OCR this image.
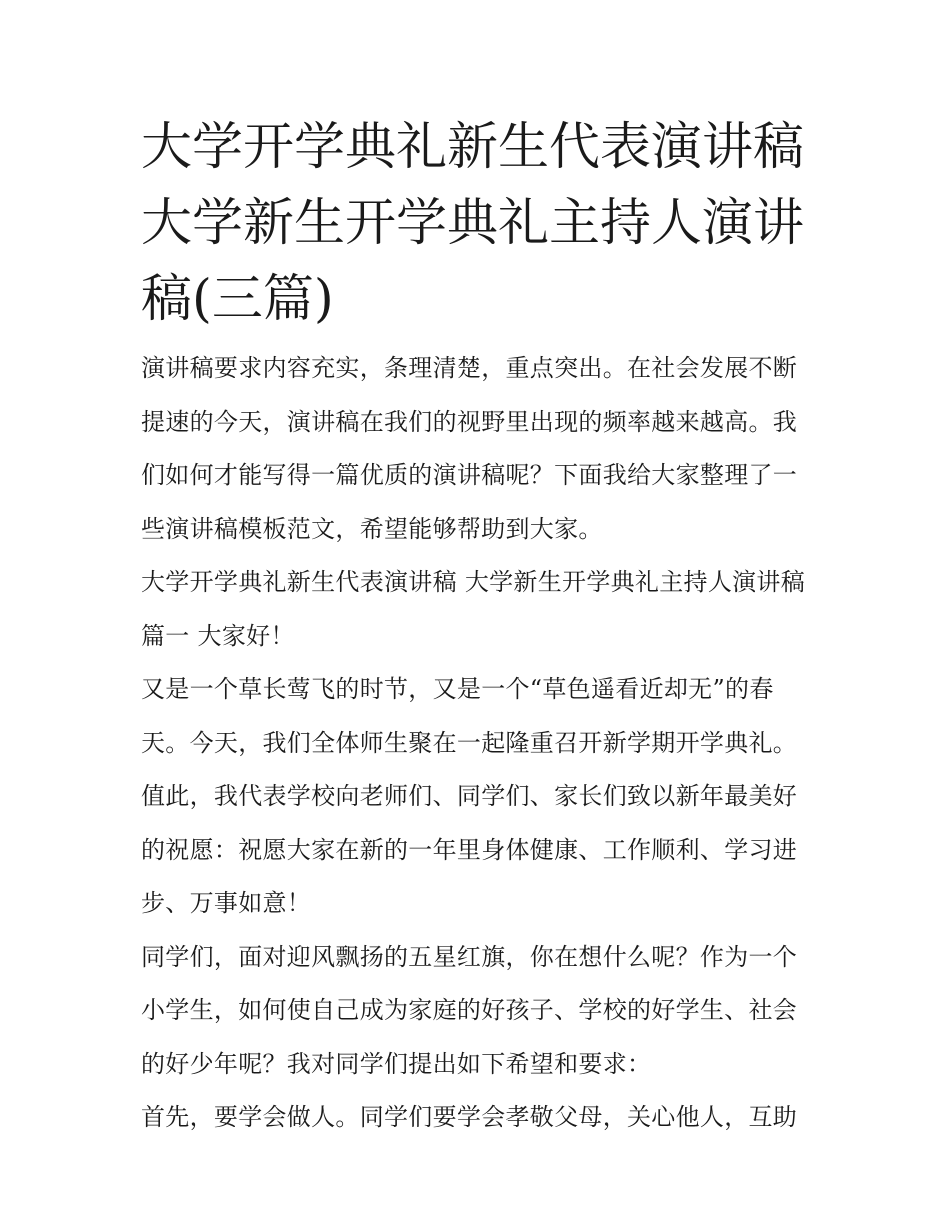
大学开学典礼新生代表演讲稿 大学新生开学典礼主持人演讲稿(三篇)

演讲稿要求内容充实，条理清楚，重点突出。在社会发展不断提速的今天，演讲稿在我们的视野里出现的频率越来越高。我们如何才能写得一篇优质的演讲稿呢？下面我给大家整理了一些演讲稿模板范文，希望能够帮助到大家。

大学开学典礼新生代表演讲稿 大学新生开学典礼主持人演讲稿篇一 大家好！

又是一个草长莺飞的时节，又是一个“草色遥看近却无”的春天。今天，我们全体师生聚在一起隆重召开新学期开学典礼。值此，我代表学校向老师们、同学们、家长们致以新年最美好的祝愿：祝愿大家在新的一年里身体健康、工作顺利、学习进步、万事如意！

同学们，面对迎风飘扬的五星红旗，你在想什么呢？作为一个小学生，如何使自己成为家庭的好孩子、学校的好学生、社会的好少年呢？我对同学们提出如下希望和要求：

首先，要学会做人。同学们要学会孝敬父母，关心他人，互助
